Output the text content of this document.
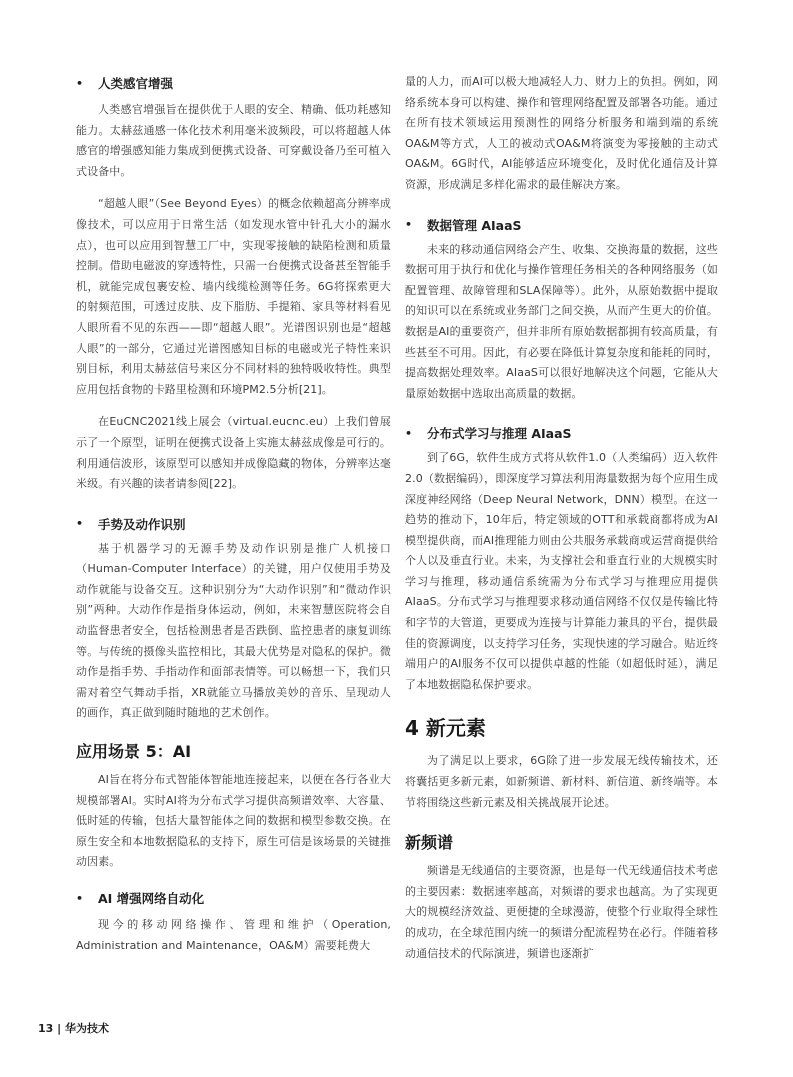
•	人类感官增强

人类感官增强旨在提供优于人眼的安全、精确、低功耗感知能力。太赫兹通感一体化技术利用毫米波频段，可以将超越人体感官的增强感知能力集成到便携式设备、可穿戴设备乃至可植入式设备中。

“超越人眼”（See Beyond Eyes）的概念依赖超高分辨率成像技术，可以应用于日常生活（如发现水管中针孔大小的漏水点），也可以应用到智慧工厂中，实现零接触的缺陷检测和质量控制。借助电磁波的穿透特性，只需一台便携式设备甚至智能手机，就能完成包裹安检、墙内线缆检测等任务。6G将探索更大的射频范围，可透过皮肤、皮下脂肪、手提箱、家具等材料看见人眼所看不见的东西——即“超越人眼”。光谱图识别也是“超越人眼”的一部分，它通过光谱图感知目标的电磁或光子特性来识别目标，利用太赫兹信号来区分不同材料的独特吸收特性。典型应用包括食物的卡路里检测和环境PM2.5分析[21]。

在EuCNC2021线上展会（virtual.eucnc.eu）上我们曾展示了一个原型，证明在便携式设备上实施太赫兹成像是可行的。利用通信波形，该原型可以感知并成像隐藏的物体，分辨率达毫米级。有兴趣的读者请参阅[22]。

•	手势及动作识别

基于机器学习的无源手势及动作识别是推广人机接口（Human-Computer Interface）的关键，用户仅使用手势及动作就能与设备交互。这种识别分为“大动作识别”和“微动作识别”两种。大动作作是指身体运动，例如，未来智慧医院将会自动监督患者安全，包括检测患者是否跌倒、监控患者的康复训练等。与传统的摄像头监控相比，其最大优势是对隐私的保护。微动作是指手势、手指动作和面部表情等。可以畅想一下，我们只需对着空气舞动手指，XR就能立马播放美妙的音乐、呈现动人的画作，真正做到随时随地的艺术创作。

应用场景 5：AI

AI旨在将分布式智能体智能地连接起来，以便在各行各业大规模部署AI。实时AI将为分布式学习提供高频谱效率、大容量、低时延的传输，包括大量智能体之间的数据和模型参数交换。在原生安全和本地数据隐私的支持下，原生可信是该场景的关键推动因素。

•	AI 增强网络自动化

现今的移动网络操作、管理和维护（Operation, Administration and Maintenance，OA&M）需要耗费大

量的人力，而AI可以极大地减轻人力、财力上的负担。例如，网络系统本身可以构建、操作和管理网络配置及部署各功能。通过在所有技术领域运用预测性的网络分析服务和端到端的系统OA&M等方式，人工的被动式OA&M将演变为零接触的主动式OA&M。6G时代，AI能够适应环境变化，及时优化通信及计算资源，形成满足多样化需求的最佳解决方案。

•	数据管理 AIaaS

未来的移动通信网络会产生、收集、交换海量的数据，这些数据可用于执行和优化与操作管理任务相关的各种网络服务（如配置管理、故障管理和SLA保障等）。此外，从原始数据中提取的知识可以在系统或业务部门之间交换，从而产生更大的价值。数据是AI的重要资产，但并非所有原始数据都拥有较高质量，有些甚至不可用。因此，有必要在降低计算复杂度和能耗的同时，提高数据处理效率。AIaaS可以很好地解决这个问题，它能从大量原始数据中选取出高质量的数据。

•	分布式学习与推理 AIaaS

到了6G，软件生成方式将从软件1.0（人类编码）迈入软件2.0（数据编码），即深度学习算法利用海量数据为每个应用生成深度神经网络（Deep Neural Network，DNN）模型。在这一趋势的推动下，10年后，特定领域的OTT和承载商都将成为AI模型提供商，而AI推理能力则由公共服务承载商或运营商提供给个人以及垂直行业。未来，为支撑社会和垂直行业的大规模实时学习与推理，移动通信系统需为分布式学习与推理应用提供AIaaS。分布式学习与推理要求移动通信网络不仅仅是传输比特和字节的大管道，更要成为连接与计算能力兼具的平台，提供最佳的资源调度，以支持学习任务，实现快速的学习融合。贴近终端用户的AI服务不仅可以提供卓越的性能（如超低时延），满足了本地数据隐私保护要求。

4 新元素

为了满足以上要求，6G除了进一步发展无线传输技术，还将囊括更多新元素，如新频谱、新材料、新信道、新终端等。本节将围绕这些新元素及相关挑战展开论述。

新频谱

频谱是无线通信的主要资源，也是每一代无线通信技术考虑的主要因素：数据速率越高，对频谱的要求也越高。为了实现更大的规模经济效益、更便捷的全球漫游，使整个行业取得全球性的成功，在全球范围内统一的频谱分配流程势在必行。伴随着移动通信技术的代际演进，频谱也逐渐扩

13 | 华为技术
